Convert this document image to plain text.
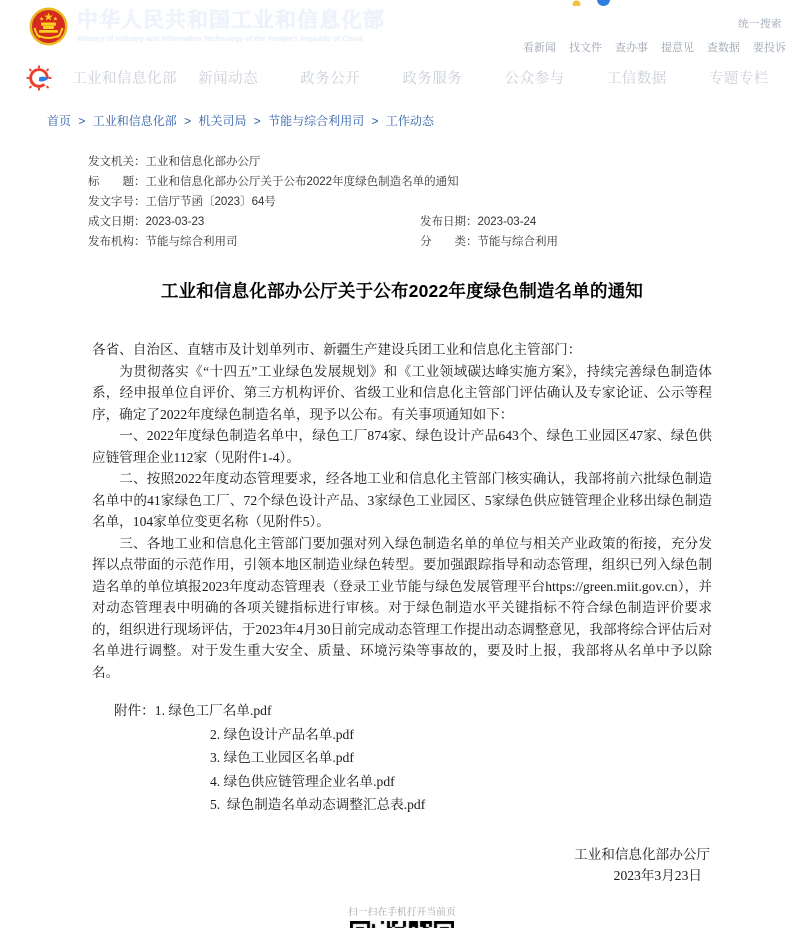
中华人民共和国工业和信息化部
Ministry of Industry and Information Technology of the People's Republic of China
统一搜索
看新闻 找文件 查办事 提意见 查数据 要投诉
工业和信息化部	新闻动态	政务公开	政务服务	公众参与	工信数据	专题专栏
首页 > 工业和信息化部 > 机关司局 > 节能与综合利用司 > 工作动态
发文机关： 工业和信息化部办公厅
标　　题： 工业和信息化部办公厅关于公布2022年度绿色制造名单的通知
发文字号： 工信厅节函〔2023〕64号
成文日期： 2023-03-23	发布日期： 2023-03-24
发布机构： 节能与综合利用司	分　　类： 节能与综合利用
工业和信息化部办公厅关于公布2022年度绿色制造名单的通知

各省、自治区、直辖市及计划单列市、新疆生产建设兵团工业和信息化主管部门：

为贯彻落实《“十四五”工业绿色发展规划》和《工业领域碳达峰实施方案》，持续完善绿色制造体系，经申报单位自评价、第三方机构评价、省级工业和信息化主管部门评估确认及专家论证、公示等程序，确定了2022年度绿色制造名单，现予以公布。有关事项通知如下：

一、2022年度绿色制造名单中，绿色工厂874家、绿色设计产品643个、绿色工业园区47家、绿色供应链管理企业112家（见附件1-4）。

二、按照2022年度动态管理要求，经各地工业和信息化主管部门核实确认，我部将前六批绿色制造名单中的41家绿色工厂、72个绿色设计产品、3家绿色工业园区、5家绿色供应链管理企业移出绿色制造名单，104家单位变更名称（见附件5）。

三、各地工业和信息化主管部门要加强对列入绿色制造名单的单位与相关产业政策的衔接，充分发挥以点带面的示范作用，引领本地区制造业绿色转型。要加强跟踪指导和动态管理，组织已列入绿色制造名单的单位填报2023年度动态管理表（登录工业节能与绿色发展管理平台https://green.miit.gov.cn），并对动态管理表中明确的各项关键指标进行审核。对于绿色制造水平关键指标不符合绿色制造评价要求的，组织进行现场评估，于2023年4月30日前完成动态管理工作提出动态调整意见，我部将综合评估后对名单进行调整。对于发生重大安全、质量、环境污染等事故的，要及时上报，我部将从名单中予以除名。

附件：1. 绿色工厂名单.pdf
2. 绿色设计产品名单.pdf
3. 绿色工业园区名单.pdf
4. 绿色供应链管理企业名单.pdf
5.  绿色制造名单动态调整汇总表.pdf
工业和信息化部办公厅
2023年3月23日
扫一扫在手机打开当前页
